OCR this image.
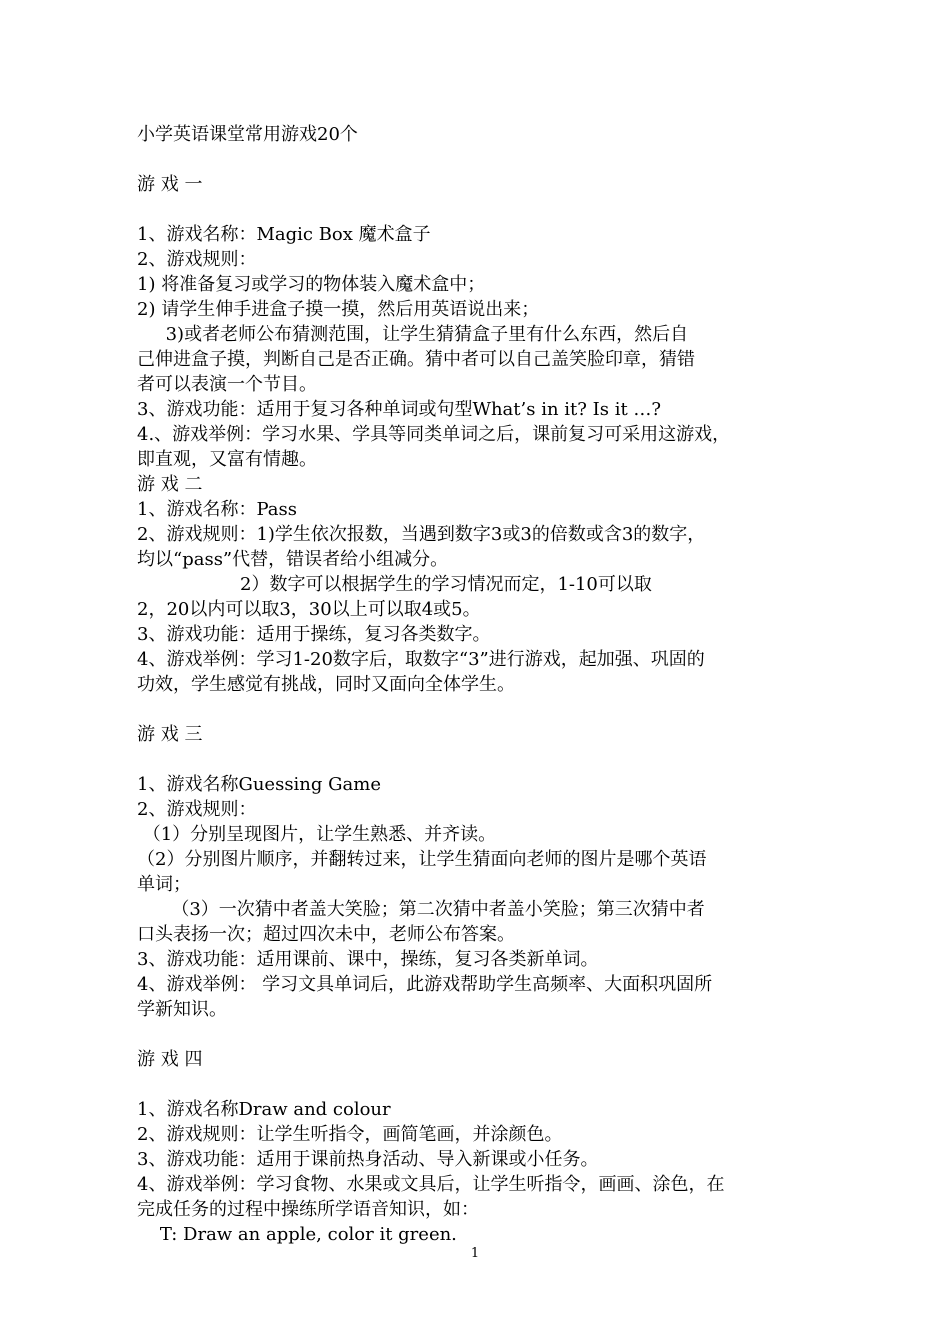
小学英语课堂常用游戏20个
游 戏 一
1、游戏名称：Magic Box 魔术盒子
2、游戏规则：
1) 将准备复习或学习的物体装入魔术盒中；
2) 请学生伸手进盒子摸一摸，然后用英语说出来；
3)或者老师公布猜测范围，让学生猜猜盒子里有什么东西，然后自
己伸进盒子摸，判断自己是否正确。猜中者可以自己盖笑脸印章，猜错
者可以表演一个节目。
3、游戏功能：适用于复习各种单词或句型What’s in it? Is it …?
4.、游戏举例：学习水果、学具等同类单词之后，课前复习可采用这游戏，
即直观，又富有情趣。
游 戏 二
1、游戏名称：Pass
2、游戏规则：1)学生依次报数，当遇到数字3或3的倍数或含3的数字，
均以“pass”代替，错误者给小组减分。
2）数字可以根据学生的学习情况而定，1-10可以取
2，20以内可以取3，30以上可以取4或5。
3、游戏功能：适用于操练，复习各类数字。
4、游戏举例：学习1-20数字后，取数字“3”进行游戏，起加强、巩固的
功效，学生感觉有挑战，同时又面向全体学生。
游 戏 三
1、游戏名称Guessing Game
2、游戏规则：
（1）分别呈现图片，让学生熟悉、并齐读。
（2）分别图片顺序，并翻转过来，让学生猜面向老师的图片是哪个英语
单词；
（3）一次猜中者盖大笑脸；第二次猜中者盖小笑脸；第三次猜中者
口头表扬一次；超过四次未中，老师公布答案。
3、游戏功能：适用课前、课中，操练，复习各类新单词。
4、游戏举例： 学习文具单词后，此游戏帮助学生高频率、大面积巩固所
学新知识。
游 戏 四
1、游戏名称Draw and colour
2、游戏规则：让学生听指令，画简笔画，并涂颜色。
3、游戏功能：适用于课前热身活动、导入新课或小任务。
4、游戏举例：学习食物、水果或文具后，让学生听指令，画画、涂色，在
完成任务的过程中操练所学语音知识，如：
T: Draw an apple, color it green.
1
